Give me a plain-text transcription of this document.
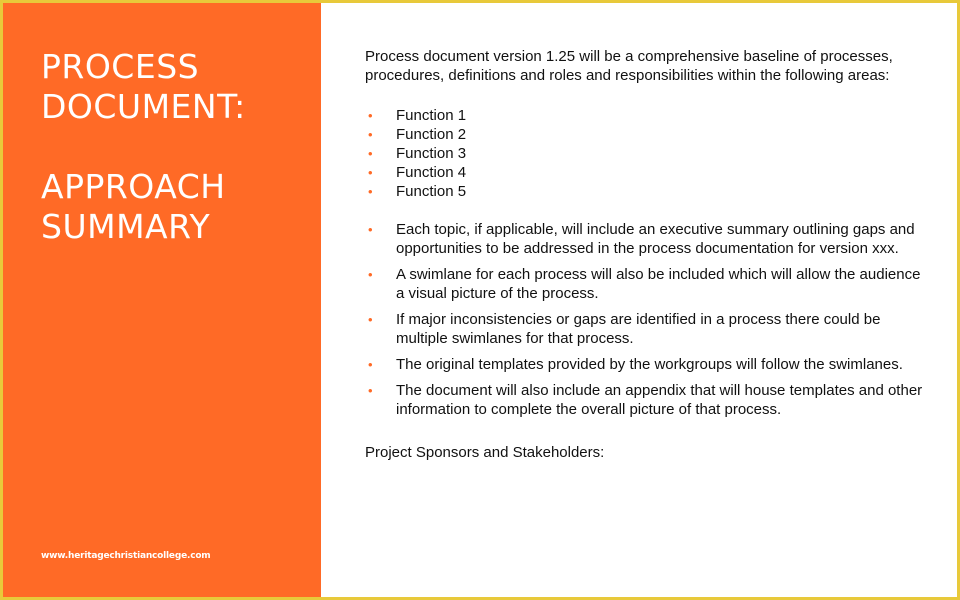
PROCESS
DOCUMENT:
APPROACH
SUMMARY
www.heritagechristiancollege.com

Process document version 1.25 will be a comprehensive baseline of processes, procedures, definitions and roles and responsibilities within the following areas:

• Function 1
• Function 2
• Function 3
• Function 4
• Function 5
• Each topic, if applicable, will include an executive summary outlining gaps and opportunities to be addressed in the process documentation for version xxx.
• A swimlane for each process will also be included which will allow the audience a visual picture of the process.
• If major inconsistencies or gaps are identified in a process there could be multiple swimlanes for that process.
• The original templates provided by the workgroups will follow the swimlanes.
• The document will also include an appendix that will house templates and other information to complete the overall picture of that process.

Project Sponsors and Stakeholders:
